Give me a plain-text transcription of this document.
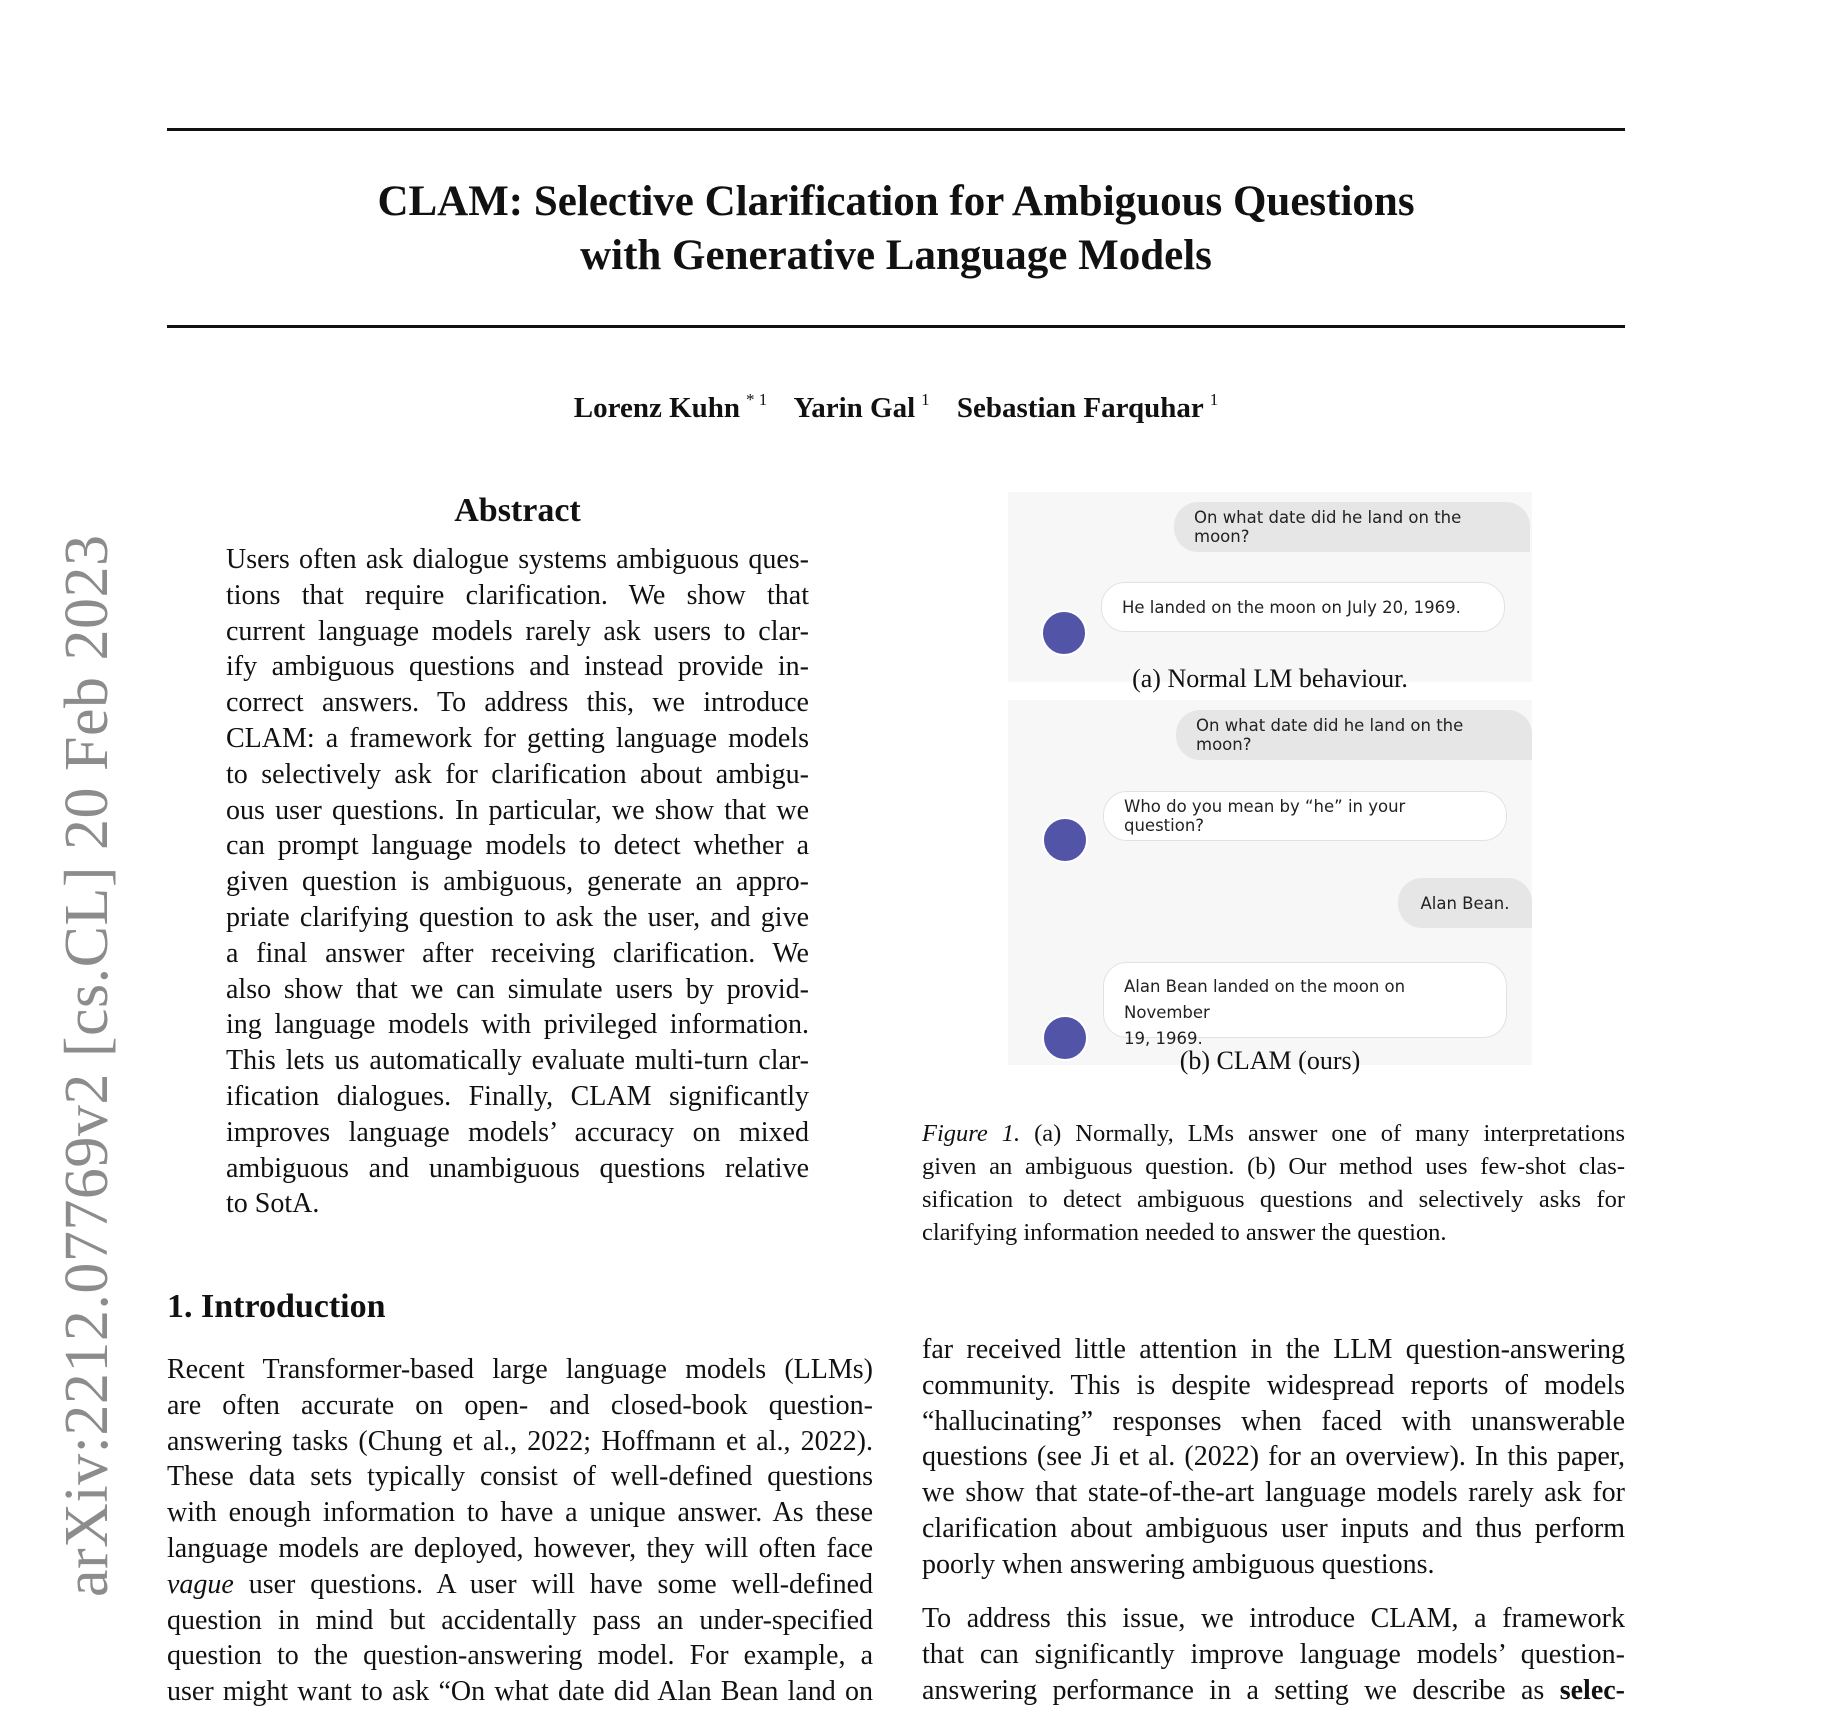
CLAM: Selective Clarification for Ambiguous Questions
with Generative Language Models
Lorenz Kuhn $^{* 1}$ Yarin Gal $^1$ Sebastian Farquhar $^1$
arXiv:2212.07769v2 [cs.CL] 20 Feb 2023
Abstract
Users often ask dialogue systems ambiguous ques-
tions that require clarification. We show that
current language models rarely ask users to clar-
ify ambiguous questions and instead provide in-
correct answers. To address this, we introduce
CLAM: a framework for getting language models
to selectively ask for clarification about ambigu-
ous user questions. In particular, we show that we
can prompt language models to detect whether a
given question is ambiguous, generate an appro-
priate clarifying question to ask the user, and give
a final answer after receiving clarification. We
also show that we can simulate users by provid-
ing language models with privileged information.
This lets us automatically evaluate multi-turn clar-
ification dialogues. Finally, CLAM significantly
improves language models’ accuracy on mixed
ambiguous and unambiguous questions relative
to SotA.
On what date did he land on the moon?
He landed on the moon on July 20, 1969.
(a) Normal LM behaviour.
On what date did he land on the moon?
Who do you mean by “he” in your question?
Alan Bean.
Alan Bean landed on the moon on November
19, 1969.
(b) CLAM (ours)
Figure 1. (a) Normally, LMs answer one of many interpretations
given an ambiguous question. (b) Our method uses few-shot clas-
sification to detect ambiguous questions and selectively asks for
clarifying information needed to answer the question.
1. Introduction
Recent Transformer-based large language models (LLMs)
are often accurate on open- and closed-book question-
answering tasks (Chung et al., 2022; Hoffmann et al., 2022).
These data sets typically consist of well-defined questions
with enough information to have a unique answer. As these
language models are deployed, however, they will often face
vague user questions. A user will have some well-defined
question in mind but accidentally pass an under-specified
question to the question-answering model. For example, a
user might want to ask “On what date did Alan Bean land on
far received little attention in the LLM question-answering
community. This is despite widespread reports of models
“hallucinating” responses when faced with unanswerable
questions (see Ji et al. (2022) for an overview). In this paper,
we show that state-of-the-art language models rarely ask for
clarification about ambiguous user inputs and thus perform
poorly when answering ambiguous questions.
To address this issue, we introduce CLAM, a framework
that can significantly improve language models’ question-
answering performance in a setting we describe as selec-
